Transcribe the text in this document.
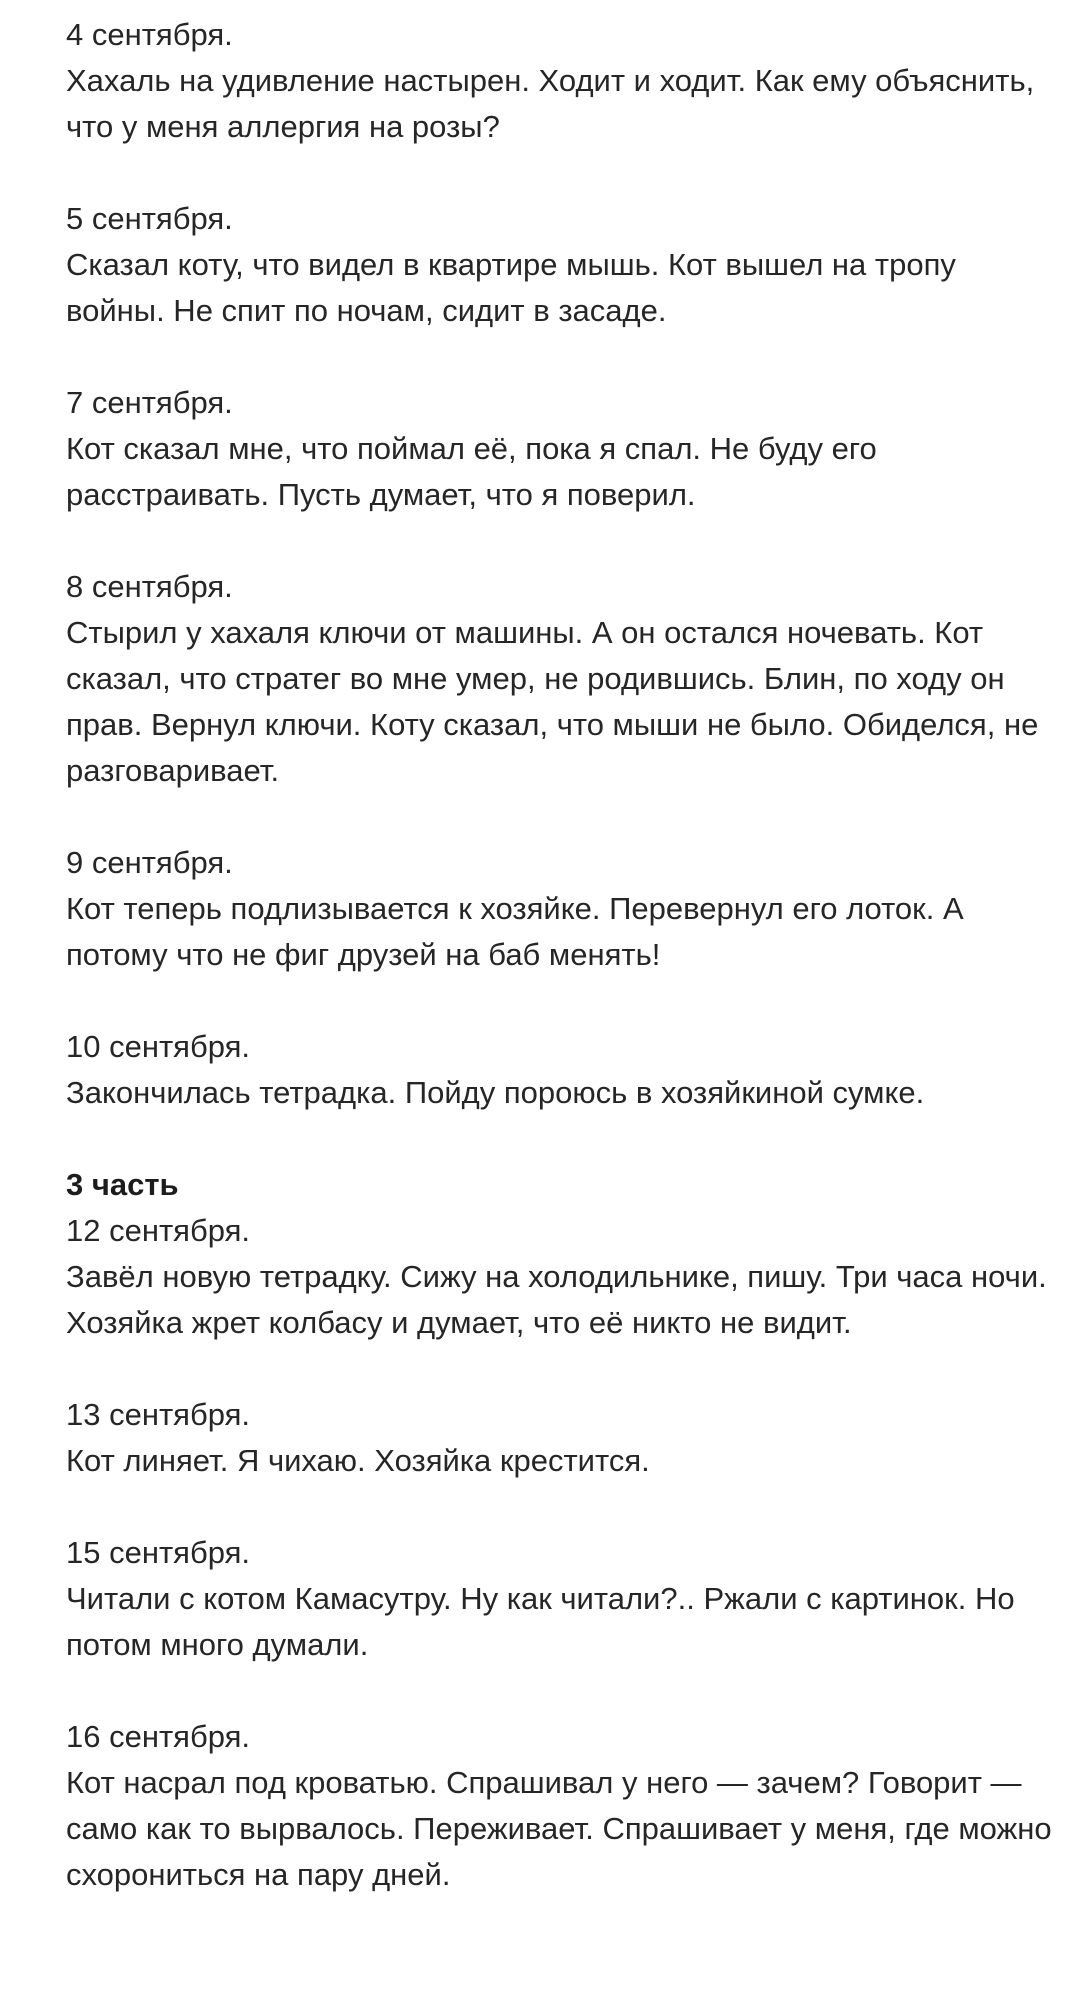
4 сентября.
Хахаль на удивление настырен. Ходит и ходит. Как ему объяснить, что у меня аллергия на розы?
5 сентября.
Сказал коту, что видел в квартире мышь. Кот вышел на тропу войны. Не спит по ночам, сидит в засаде.
7 сентября.
Кот сказал мне, что поймал её, пока я спал. Не буду его расстраивать. Пусть думает, что я поверил.
8 сентября.
Стырил у хахаля ключи от машины. А он остался ночевать. Кот сказал, что стратег во мне умер, не родившись. Блин, по ходу он прав. Вернул ключи. Коту сказал, что мыши не было. Обиделся, не разговаривает.
9 сентября.
Кот теперь подлизывается к хозяйке. Перевернул его лоток. А потому что не фиг друзей на баб менять!
10 сентября.
Закончилась тетрадка. Пойду пороюсь в хозяйкиной сумке.
3 часть
12 сентября.
Завёл новую тетрадку. Сижу на холодильнике, пишу. Три часа ночи. Хозяйка жрет колбасу и думает, что её никто не видит.
13 сентября.
Кот линяет. Я чихаю. Хозяйка крестится.
15 сентября.
Читали с котом Камасутру. Ну как читали?.. Ржали с картинок. Но потом много думали.
16 сентября.
Кот насрал под кроватью. Спрашивал у него — зачем? Говорит — само как то вырвалось. Переживает. Спрашивает у меня, где можно схорониться на пару дней.
